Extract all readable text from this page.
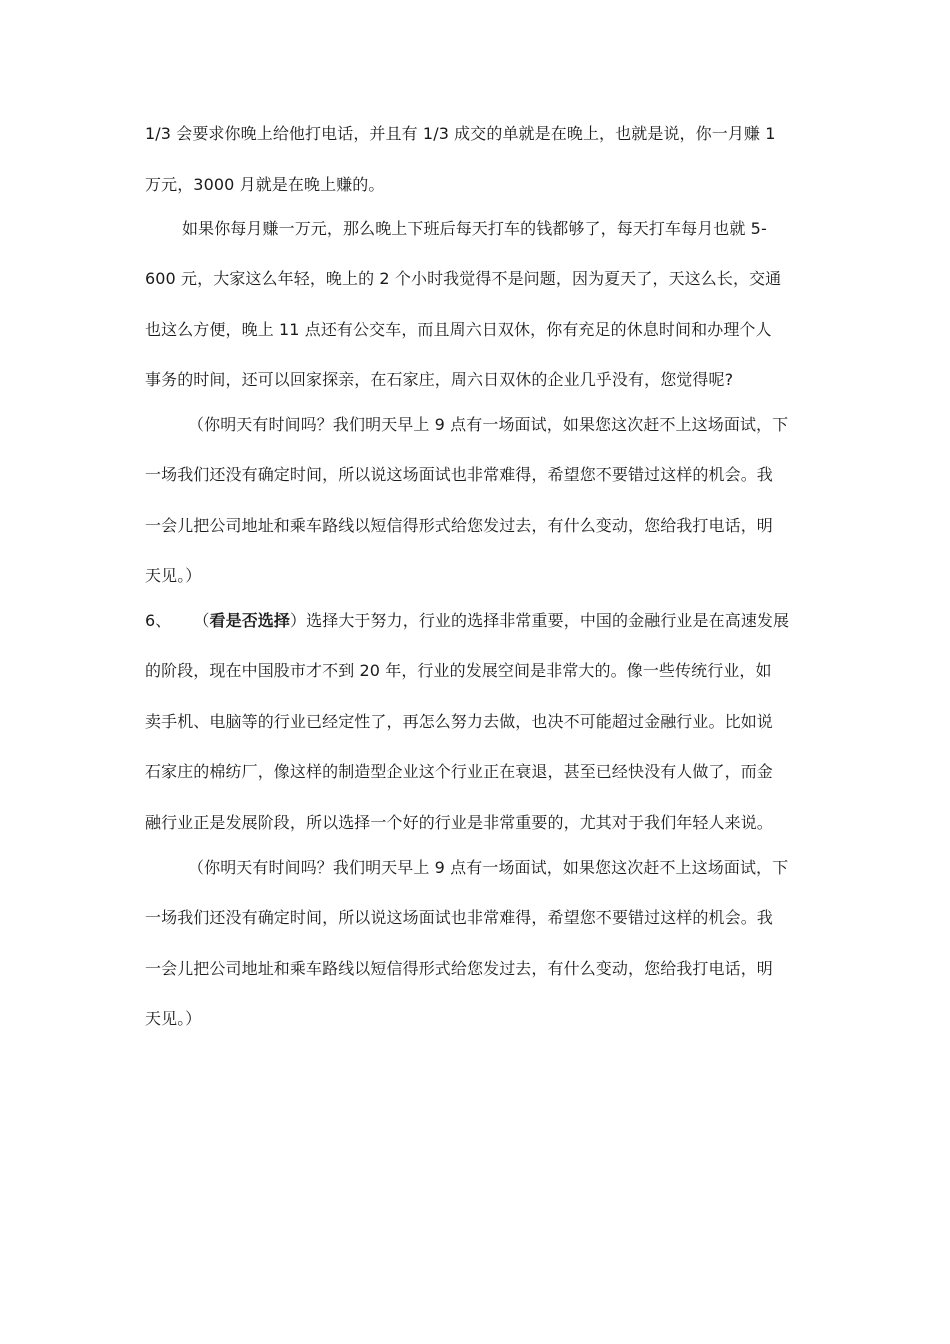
1/3 会要求你晚上给他打电话，并且有 1/3 成交的单就是在晚上，也就是说，你一月赚 1
万元，3000 月就是在晚上赚的。
如果你每月赚一万元，那么晚上下班后每天打车的钱都够了，每天打车每月也就 5-
600 元，大家这么年轻，晚上的 2 个小时我觉得不是问题，因为夏天了，天这么长，交通
也这么方便，晚上 11 点还有公交车，而且周六日双休，你有充足的休息时间和办理个人
事务的时间，还可以回家探亲，在石家庄，周六日双休的企业几乎没有，您觉得呢?
（你明天有时间吗？我们明天早上 9 点有一场面试，如果您这次赶不上这场面试，下
一场我们还没有确定时间，所以说这场面试也非常难得，希望您不要错过这样的机会。我
一会儿把公司地址和乘车路线以短信得形式给您发过去，有什么变动，您给我打电话，明
天见。）
6、 （看是否选择）选择大于努力，行业的选择非常重要，中国的金融行业是在高速发展
的阶段，现在中国股市才不到 20 年，行业的发展空间是非常大的。像一些传统行业，如
卖手机、电脑等的行业已经定性了，再怎么努力去做，也决不可能超过金融行业。比如说
石家庄的棉纺厂，像这样的制造型企业这个行业正在衰退，甚至已经快没有人做了，而金
融行业正是发展阶段，所以选择一个好的行业是非常重要的，尤其对于我们年轻人来说。
（你明天有时间吗？我们明天早上 9 点有一场面试，如果您这次赶不上这场面试，下
一场我们还没有确定时间，所以说这场面试也非常难得，希望您不要错过这样的机会。我
一会儿把公司地址和乘车路线以短信得形式给您发过去，有什么变动，您给我打电话，明
天见。）
